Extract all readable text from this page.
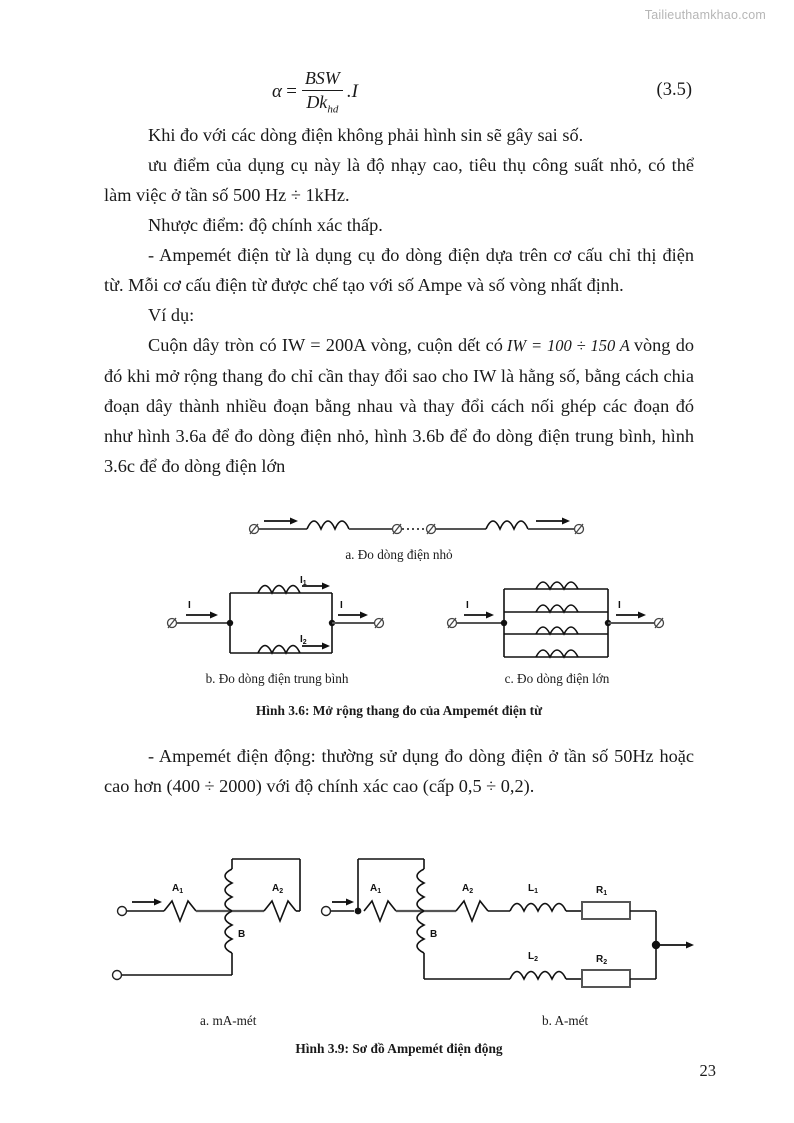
Tailieuthamkhao.com
$\alpha = \frac{\text{BSW}}{Dk_{hd}} .I$	(3.5)

Khi đo với các dòng điện không phải hình sin sẽ gây sai số.

ưu điểm của dụng cụ này là độ nhạy cao, tiêu thụ công suất nhỏ, có thể làm việc ở tần số 500 Hz ÷ 1kHz.

Nhược điểm: độ chính xác thấp.

- Ampemét điện từ là dụng cụ đo dòng điện dựa trên cơ cấu chỉ thị điện từ. Mỗi cơ cấu điện từ được chế tạo với số Ampe và số vòng nhất định.

Ví dụ:

Cuộn dây tròn có IW = 200A vòng, cuộn dết có IW = 100 ÷ 150 A vòng do đó khi mở rộng thang đo chỉ cần thay đổi sao cho IW là hằng số, bằng cách chia đoạn dây thành nhiều đoạn bằng nhau và thay đổi cách nối ghép các đoạn đó như hình 3.6a để đo dòng điện nhỏ, hình 3.6b để đo dòng điện trung bình, hình 3.6c để đo dòng điện lớn

a. Đo dòng điện nhỏ
I
$I_1$
$I_2$
I
b. Đo dòng điện trung bình
I	I
c. Đo dòng điện lớn
Hình 3.6: Mở rộng thang đo của Ampemét điện từ

- Ampemét điện động: thường sử dụng đo dòng điện ở tần số 50Hz hoặc cao hơn (400 ÷ 2000) với độ chính xác cao (cấp 0,5 ÷ 0,2).

$A_1$	$A_2$
B
$A_1$	$A_2$
B
$L_1$	$R_1$
$L_2$	$R_2$
a. mA-mét	b. A-mét
Hình 3.9: Sơ đồ Ampemét điện động
23
